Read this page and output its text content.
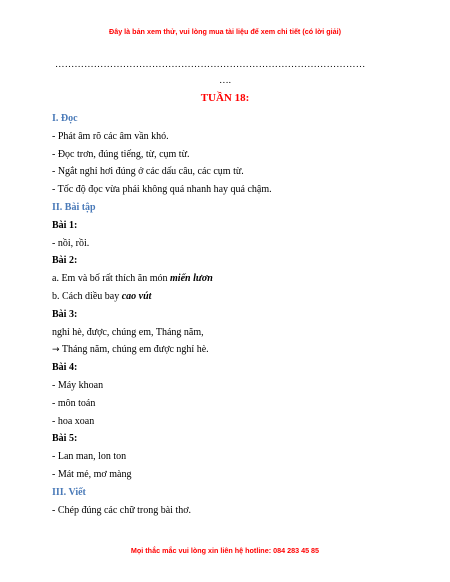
Đây là bản xem thử, vui lòng mua tài liệu để xem chi tiết (có lời giải)
……………………………………………………………………………………
….
TUẦN 18:
I. Đọc
- Phát âm rõ các âm vần khó.
- Đọc trơn, đúng tiếng, từ, cụm từ.
- Ngắt nghỉ hơi đúng ở các dấu câu, các cụm từ.
- Tốc độ đọc vừa phải không quá nhanh hay quá chậm.
II. Bài tập
Bài 1:
- nồi, rồi.
Bài 2:
a. Em và bố rất thích ăn món miến lươn
b. Cách diều bay cao vút
Bài 3:
nghỉ hè, được, chúng em, Tháng năm,
→ Tháng năm, chúng em được nghỉ hè.
Bài 4:
- Máy khoan
- môn toán
- hoa xoan
Bài 5:
- Lan man, lon ton
- Mát mẻ, mơ màng
III. Viết
- Chép đúng các chữ trong bài thơ.
Mọi thắc mắc vui lòng xin liên hệ hotline: 084 283 45 85
